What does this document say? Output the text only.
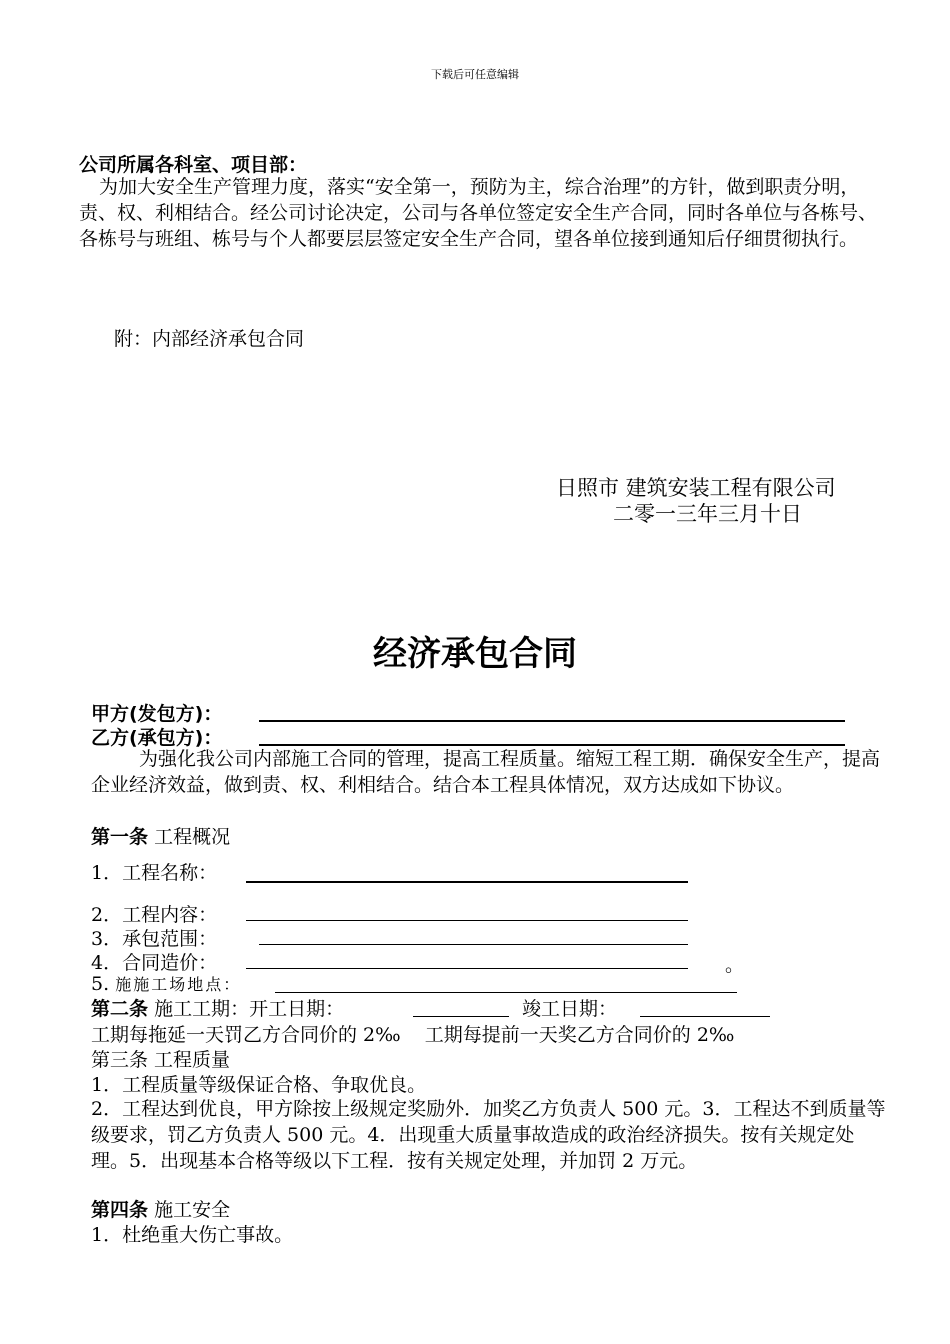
下载后可任意编辑
公司所属各科室、项目部：
为加大安全生产管理力度，落实“安全第一，预防为主，综合治理”的方针，做到职责分明，责、权、利相结合。经公司讨论决定，公司与各单位签定安全生产合同，同时各单位与各栋号、各栋号与班组、栋号与个人都要层层签定安全生产合同，望各单位接到通知后仔细贯彻执行。
附：内部经济承包合同
日照市 建筑安装工程有限公司
二零一三年三月十日
经济承包合同
甲方(发包方)：
乙方(承包方)：
为强化我公司内部施工合同的管理，提高工程质量。缩短工程工期．确保安全生产，提高企业经济效益，做到责、权、利相结合。结合本工程具体情况，双方达成如下协议。
第一条 工程概况
1．工程名称：
2．工程内容：
3．承包范围：
4．合同造价：	。
5. 施施工场地点：
第二条 施工工期：开工日期：	竣工日期：
工期每拖延一天罚乙方合同价的 2‰    工期每提前一天奖乙方合同价的 2‰
第三条 工程质量
1．工程质量等级保证合格、争取优良。
2．工程达到优良，甲方除按上级规定奖励外．加奖乙方负责人 500 元。3．工程达不到质量等级要求，罚乙方负责人 500 元。4．出现重大质量事故造成的政治经济损失。按有关规定处理。5．出现基本合格等级以下工程．按有关规定处理，并加罚 2 万元。
第四条 施工安全
1．杜绝重大伤亡事故。
